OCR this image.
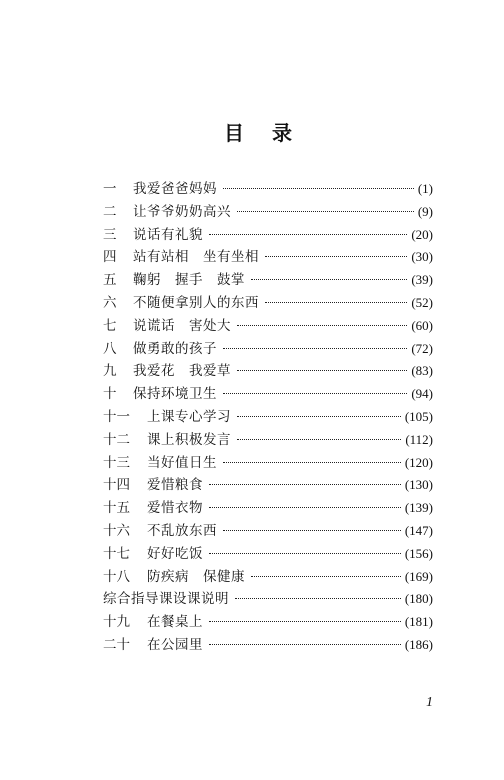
目 录
一	我爱爸爸妈妈	(1)
二	让爷爷奶奶高兴	(9)
三	说话有礼貌	(20)
四	站有站相　坐有坐相	(30)
五	鞠躬　握手　鼓掌	(39)
六	不随便拿别人的东西	(52)
七	说谎话　害处大	(60)
八	做勇敢的孩子	(72)
九	我爱花　我爱草	(83)
十	保持环境卫生	(94)
十一	上课专心学习	(105)
十二	课上积极发言	(112)
十三	当好值日生	(120)
十四	爱惜粮食	(130)
十五	爱惜衣物	(139)
十六	不乱放东西	(147)
十七	好好吃饭	(156)
十八	防疾病　保健康	(169)
综合指导课设课说明	(180)
十九	在餐桌上	(181)
二十	在公园里	(186)
1
